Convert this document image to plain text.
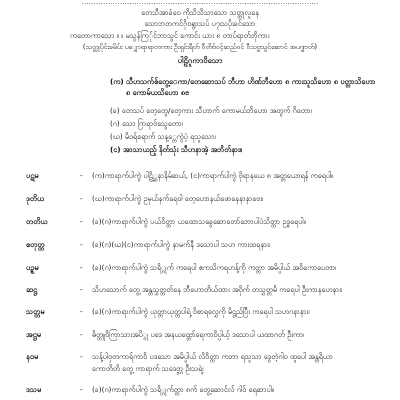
………………………………………………………………………………………
တေသီအာခံဝေ ကိုသိသိသာသော သတ္တုလူနေ
သောဘဝာကင်ဂိုဝရွာသပ် ပ၇၊သပိုးခင်သော
ကတောကာသော ။ ။ မသွန်ကြ်ုင်ဘာသွင် ကောင်း ယား ၈ တာပ်ရာတ်ဘိုကား
(သတ္တုပိုင်းခမိပ်း ပ‌ျှောရာရာတကား ဦးရှင်းရီတ် ဝီတိဗ်ဝင့်ဆည်ဝင် ဝီသဗ္ဗသွင်ဆောင် အပဂျှာတ်)
ပါဠိဂူကာဝိသော
(က) သီဟသက်စ်တွေ့ေကာ/တေဆောသပ် ဘီဟာ ဟိဏ်ဘီဟော ၈ ကားသူသိဟော ၈ ပတ္တာသိဟော
၈ ကောမ်ယသိဟော ၈ၔ
(ခ) တေသပ် တေ့တွေ/တေ့ကား သီဟာက် ကောမယ်ဘိဟော အတွက် ဂိတော၊
(ဂ) သော ဂြာရာဗ်သွေတော၊
(ဃ) မိဝရ်ရောက် သန့္တေကွဲပဲ့ ရသူသော၊
(င) အာသာယည့် နိတ်သုံး သီဟနာအဲ့ အဘိတ်နား။
ပဋမ	- (က)ကာရာ​က်ပါကွဲ ပါဠိ္ဆနာနိမ်ဆယ်, (င)ကာရာ​က်ပါကွဲ ဗိုရာနယေ ၈ အတ္တယောရန် ကရေပါ။
ဒုတိယ	- (ဃ)ကာရာ​က်ပါကွဲ ဥမုယ်နက်ရေဝါ တေ့ဟောနယ်ဖောနေနာနာဗေး၊
တတိယ	- (ခ)(ဂ)ကာရာ​က်ပါကွဲ ပယ်ဝိတ္တာ ယထောသခွေဆောတော်ဘောပါပဲသိတ္တာ ဥဒ္ဓရေပါ။
စတုတ္ထ	- (ခ)(ဂ)(ဃ)(င)ကာရာ​က်ပါကွဲ နာမက်နီ ဒသောပါ သဟ ကားထရနား၊
ပဉ္စမ	- (ခ)(ဂ)ကာရာ​က်ပါကွဲ သရိ္ဂုက် ကရေပါ ဧကသိကရဟန့်ကို ကတ္တာ အမိပ္ပါယ် အဝိကောပေတာ၊
ဆဋ္ဌ	- သိဟသော​က် တွေ့ အန္တသွှတ္တတ်နေ ဘီဟောတိယ်ထား အဝိုက် တသွှတ္တမ်ဲ ကရေပါ ဦးကာနဟေနား၊
သတ္တမ	- (ခ)(ဂ)ကာရာ​က်ပါကွဲ ယုတ္တာယုတ္တပါရဲ့ ဝိစာရလွှေကို မိဋ္ဌည်ပြီး ကရေပါ သဟဂနာနား၊
အဋ္ဌမ	- ဓိတ္တူဝိကြာသားအပိ္ဂု ပဒေ အနယထ္တော်ရေကာဝိပ္ပါယ့် ဒသောပါ ယထာဂတ် ဦးကာ၊
နဝမ	- သန့်ပါဝှတကာရ်ကာဝိ ပဒသော အမိပ္ပါယ် လိဝိတ္တာ ကဘာ ရသူသာ ဒွေတဲ့ဂါဝ ထူပေါ အန္တရိယာ
ကောတိတိ တွေ့ ကာရာက် သဒေဝ္ဗ္ဂာ ဦးသရဲ့၊
ဒသမ	- (ခ)(ဂ)ကာရာ​က်ပါကွဲ သရိ္ဂုက်တ္တာ ၈က် တွေ့ဆောင်လ် ဂါဝ် ရေဆာပါ။
